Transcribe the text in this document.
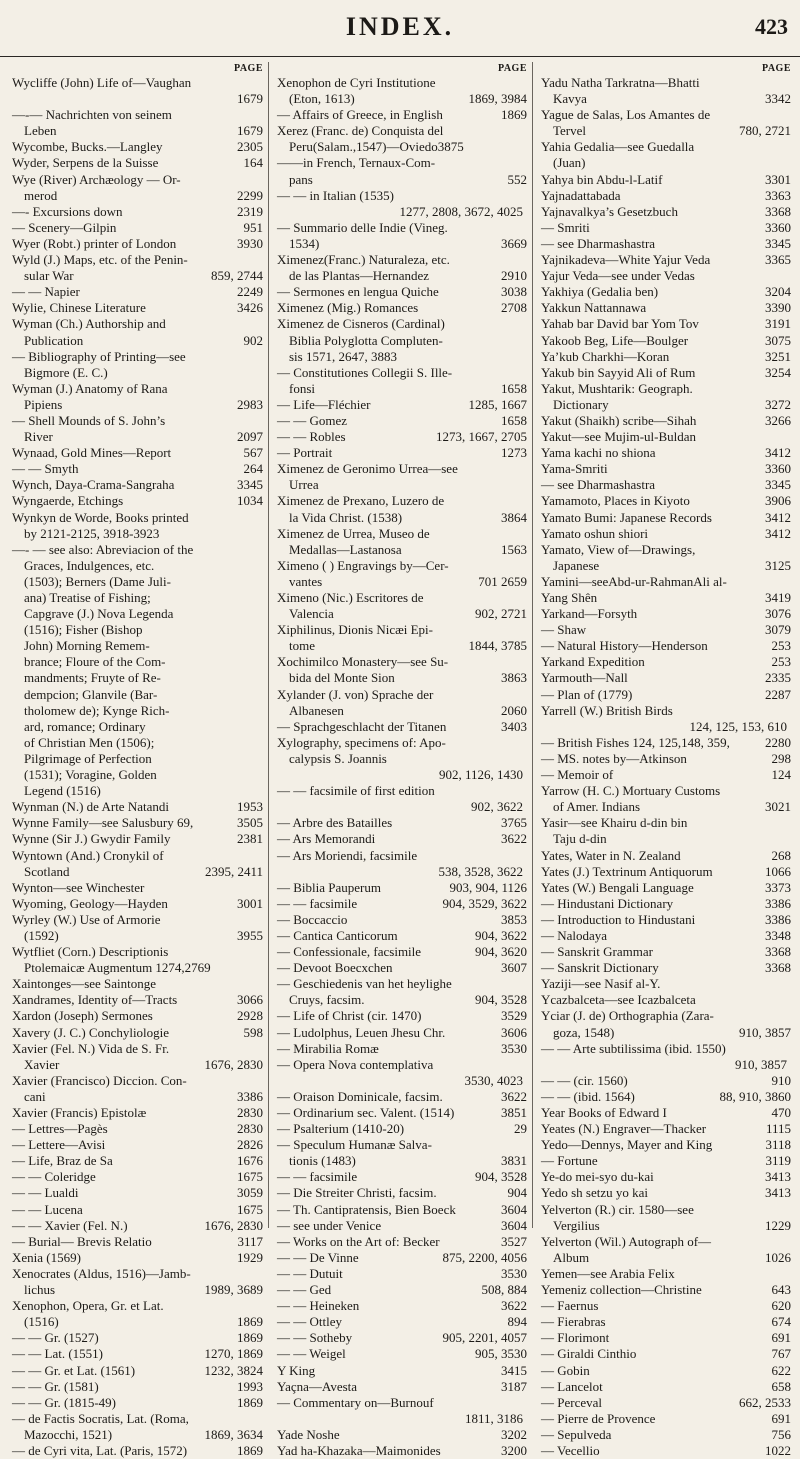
INDEX.	423
PAGE
Wycliffe (John) Life of—Vaughan
1679
—-— Nachrichten von seinem
Leben	1679
Wycombe, Bucks.—Langley	2305
Wyder, Serpens de la Suisse	164
Wye (River) Archæology — Or-
merod	2299
—- Excursions down	2319
— Scenery—Gilpin	951
Wyer (Robt.) printer of London	3930
Wyld (J.) Maps, etc. of the Penin-
sular War	859, 2744
— — Napier	2249
Wylie, Chinese Literature	3426
Wyman (Ch.) Authorship and
Publication	902
— Bibliography of Printing—see
Bigmore (E. C.)
Wyman (J.) Anatomy of Rana
Pipiens	2983
— Shell Mounds of S. John’s
River	2097
Wynaad, Gold Mines—Report	567
— — Smyth	264
Wynch, Daya-Crama-Sangraha	3345
Wyngaerde, Etchings	1034
Wynkyn de Worde, Books printed
by 2121-2125, 3918-3923
—- — see also: Abreviacion of the
Graces, Indulgences, etc.
(1503); Berners (Dame Juli-
ana) Treatise of Fishing;
Capgrave (J.) Nova Legenda
(1516); Fisher (Bishop
John) Morning Remem-
brance; Floure of the Com-
mandments; Fruyte of Re-
dempcion; Glanvile (Bar-
tholomew de); Kynge Rich-
ard, romance; Ordinary
of Christian Men (1506);
Pilgrimage of Perfection
(1531); Voragine, Golden
Legend (1516)
Wynman (N.) de Arte Natandi	1953
Wynne Family—see Salusbury 69,	3505
Wynne (Sir J.) Gwydir Family	2381
Wyntown (And.) Cronykil of
Scotland	2395, 2411
Wynton—see Winchester
Wyoming, Geology—Hayden	3001
Wyrley (W.) Use of Armorie
(1592)	3955
Wytfliet (Corn.) Descriptionis
Ptolemaicæ Augmentum 1274,2769
Xaintonges—see Saintonge
Xandrames, Identity of—Tracts	3066
Xardon (Joseph) Sermones	2928
Xavery (J. C.) Conchyliologie	598
Xavier (Fel. N.) Vida de S. Fr.
Xavier	1676, 2830
Xavier (Francisco) Diccion. Con-
cani	3386
Xavier (Francis) Epistolæ	2830
— Lettres—Pagès	2830
— Lettere—Avisi	2826
— Life, Braz de Sa	1676
— — Coleridge	1675
— — Lualdi	3059
— — Lucena	1675
— — Xavier (Fel. N.)	1676, 2830
— Burial— Brevis Relatio	3117
Xenia (1569)	1929
Xenocrates (Aldus, 1516)—Jamb-
lichus	1989, 3689
Xenophon, Opera, Gr. et Lat.
(1516)	1869
— — Gr. (1527)	1869
— — Lat. (1551)	1270, 1869
— — Gr. et Lat. (1561)	1232, 3824
— — Gr. (1581)	1993
— — Gr. (1815-49)	1869
— de Factis Socratis, Lat. (Roma,
Mazocchi, 1521)	1869, 3634
— de Cyri vita, Lat. (Paris, 1572)	1869
PAGE
Xenophon de Cyri Institutione
(Eton, 1613)	1869, 3984
— Affairs of Greece, in English	1869
Xerez (Franc. de) Conquista del
Peru(Salam.,1547)—Oviedo3875
——in French, Ternaux-Com-
pans	552
— — in Italian (1535)
1277, 2808, 3672, 4025
— Summario delle Indie (Vineg.
1534)	3669
Ximenez(Franc.) Naturaleza, etc.
de las Plantas—Hernandez	2910
— Sermones en lengua Quiche	3038
Ximenez (Mig.) Romances	2708
Ximenez de Cisneros (Cardinal)
Biblia Polyglotta Compluten-
sis 1571, 2647, 3883
— Constitutiones Collegii S. Ille-
fonsi	1658
— Life—Fléchier	1285, 1667
— — Gomez	1658
— — Robles	1273, 1667, 2705
— Portrait	1273
Ximenez de Geronimo Urrea—see
Urrea
Ximenez de Prexano, Luzero de
la Vida Christ. (1538)	3864
Ximenez de Urrea, Museo de
Medallas—Lastanosa	1563
Ximeno ( ) Engravings by—Cer-
vantes	701 2659
Ximeno (Nic.) Escritores de
Valencia	902, 2721
Xiphilinus, Dionis Nicæi Epi-
tome	1844, 3785
Xochimilco Monastery—see Su-
bida del Monte Sion	3863
Xylander (J. von) Sprache der
Albanesen	2060
— Sprachgeschlacht der Titanen	3403
Xylography, specimens of: Apo-
calypsis S. Joannis
902, 1126, 1430
— — facsimile of first edition
902, 3622
— Arbre des Batailles	3765
— Ars Memorandi	3622
— Ars Moriendi, facsimile
538, 3528, 3622
— Biblia Pauperum	903, 904, 1126
— — facsimile	904, 3529, 3622
— Boccaccio	3853
— Cantica Canticorum	904, 3622
— Confessionale, facsimile	904, 3620
— Devoot Boecxchen	3607
— Geschiedenis van het heylighe
Cruys, facsim.	904, 3528
— Life of Christ (cir. 1470)	3529
— Ludolphus, Leuen Jhesu Chr.	3606
— Mirabilia Romæ	3530
— Opera Nova contemplativa
3530, 4023
— Oraison Dominicale, facsim.	3622
— Ordinarium sec. Valent. (1514)	3851
— Psalterium (1410-20)	29
— Speculum Humanæ Salva-
tionis (1483)	3831
— — facsimile	904, 3528
— Die Streiter Christi, facsim.	904
— Th. Cantipratensis, Bien Boeck	3604
— see under Venice	3604
— Works on the Art of: Becker	3527
— — De Vinne	875, 2200, 4056
— — Dutuit	3530
— — Ged	508, 884
— — Heineken	3622
— — Ottley	894
— — Sotheby	905, 2201, 4057
— — Weigel	905, 3530
Y King	3415
Yaçna—Avesta	3187
— Commentary on—Burnouf
1811, 3186
Yade Noshe	3202
Yad ha-Khazaka—Maimonides	3200
PAGE
Yadu Natha Tarkratna—Bhatti
Kavya	3342
Yague de Salas, Los Amantes de
Tervel	780, 2721
Yahia Gedalia—see Guedalla
(Juan)
Yahya bin Abdu-l-Latif	3301
Yajnadattabada	3363
Yajnavalkya’s Gesetzbuch	3368
— Smriti	3360
— see Dharmashastra	3345
Yajnikadeva—White Yajur Veda	3365
Yajur Veda—see under Vedas
Yakhiya (Gedalia ben)	3204
Yakkun Nattannawa	3390
Yahab bar David bar Yom Tov	3191
Yakoob Beg, Life—Boulger	3075
Ya’kub Charkhi—Koran	3251
Yakub bin Sayyid Ali of Rum	3254
Yakut, Mushtarik: Geograph.
Dictionary	3272
Yakut (Shaikh) scribe—Sihah	3266
Yakut—see Mujim-ul-Buldan
Yama kachi no shiona	3412
Yama-Smriti	3360
— see Dharmashastra	3345
Yamamoto, Places in Kiyoto	3906
Yamato Bumi: Japanese Records	3412
Yamato oshun shiori	3412
Yamato, View of—Drawings,
Japanese	3125
Yamini—seeAbd-ur-RahmanAli al-
Yang Shên	3419
Yarkand—Forsyth	3076
— Shaw	3079
— Natural History—Henderson	253
Yarkand Expedition	253
Yarmouth—Nall	2335
— Plan of (1779)	2287
Yarrell (W.) British Birds
124, 125, 153, 610
— British Fishes 124, 125,148, 359,	2280
— MS. notes by—Atkinson	298
— Memoir of	124
Yarrow (H. C.) Mortuary Customs
of Amer. Indians	3021
Yasir—see Khairu d-din bin
Taju d-din
Yates, Water in N. Zealand	268
Yates (J.) Textrinum Antiquorum	1066
Yates (W.) Bengali Language	3373
— Hindustani Dictionary	3386
— Introduction to Hindustani	3386
— Nalodaya	3348
— Sanskrit Grammar	3368
— Sanskrit Dictionary	3368
Yaziji—see Nasif al-Y.
Ycazbalceta—see Icazbalceta
Yciar (J. de) Orthographia (Zara-
goza, 1548)	910, 3857
— — Arte subtilissima (ibid. 1550)
910, 3857
— — (cir. 1560)	910
— — (ibid. 1564)	88, 910, 3860
Year Books of Edward I	470
Yeates (N.) Engraver—Thacker	1115
Yedo—Dennys, Mayer and King	3118
— Fortune	3119
Ye-do mei-syo du-kai	3413
Yedo sh setzu yo kai	3413
Yelverton (R.) cir. 1580—see
Vergilius	1229
Yelverton (Wil.) Autograph of—
Album	1026
Yemen—see Arabia Felix
Yemeniz collection—Christine	643
— Faernus	620
— Fierabras	674
— Florimont	691
— Giraldi Cinthio	767
— Gobin	622
— Lancelot	658
— Perceval	662, 2533
— Pierre de Provence	691
— Sepulveda	756
— Vecellio	1022
